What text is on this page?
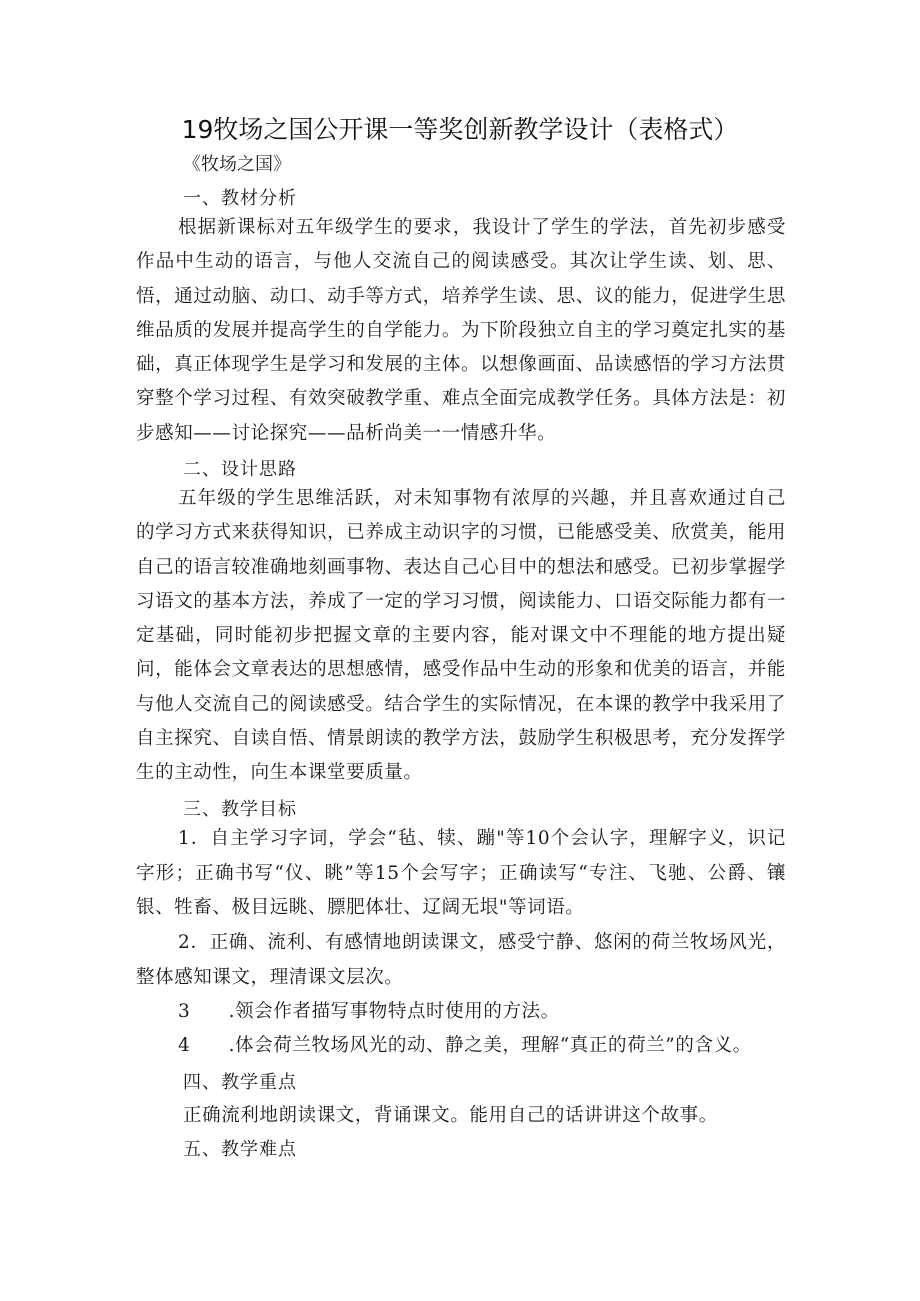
19牧场之国公开课一等奖创新教学设计（表格式）
《牧场之国》
一、教材分析
根据新课标对五年级学生的要求，我设计了学生的学法，首先初步感受作品中生动的语言，与他人交流自己的阅读感受。其次让学生读、划、思、悟，通过动脑、动口、动手等方式，培养学生读、思、议的能力，促进学生思维品质的发展并提高学生的自学能力。为下阶段独立自主的学习奠定扎实的基础，真正体现学生是学习和发展的主体。以想像画面、品读感悟的学习方法贯穿整个学习过程、有效突破教学重、难点全面完成教学任务。具体方法是：初步感知——讨论探究——品析尚美一一情感升华。
二、设计思路
五年级的学生思维活跃，对未知事物有浓厚的兴趣，并且喜欢通过自己的学习方式来获得知识，已养成主动识字的习惯，已能感受美、欣赏美，能用自己的语言较准确地刻画事物、表达自己心目中的想法和感受。已初步掌握学习语文的基本方法，养成了一定的学习习惯，阅读能力、口语交际能力都有一定基础，同时能初步把握文章的主要内容，能对课文中不理能的地方提出疑问，能体会文章表达的思想感情，感受作品中生动的形象和优美的语言，并能与他人交流自己的阅读感受。结合学生的实际情况，在本课的教学中我采用了自主探究、自读自悟、情景朗读的教学方法，鼓励学生积极思考，充分发挥学生的主动性，向生本课堂要质量。
三、教学目标
1．自主学习字词，学会“毡、犊、蹦"等10个会认字，理解字义，识记字形；正确书写“仪、眺”等15个会写字；正确读写“专注、飞驰、公爵、镶银、牲畜、极目远眺、膘肥体壮、辽阔无垠"等词语。
2．正确、流利、有感情地朗读课文，感受宁静、悠闲的荷兰牧场风光，整体感知课文，理清课文层次。
3　　.领会作者描写事物特点时使用的方法。
4　　.体会荷兰牧场风光的动、静之美，理解“真正的荷兰”的含义。
四、教学重点
正确流利地朗读课文，背诵课文。能用自己的话讲讲这个故事。
五、教学难点
